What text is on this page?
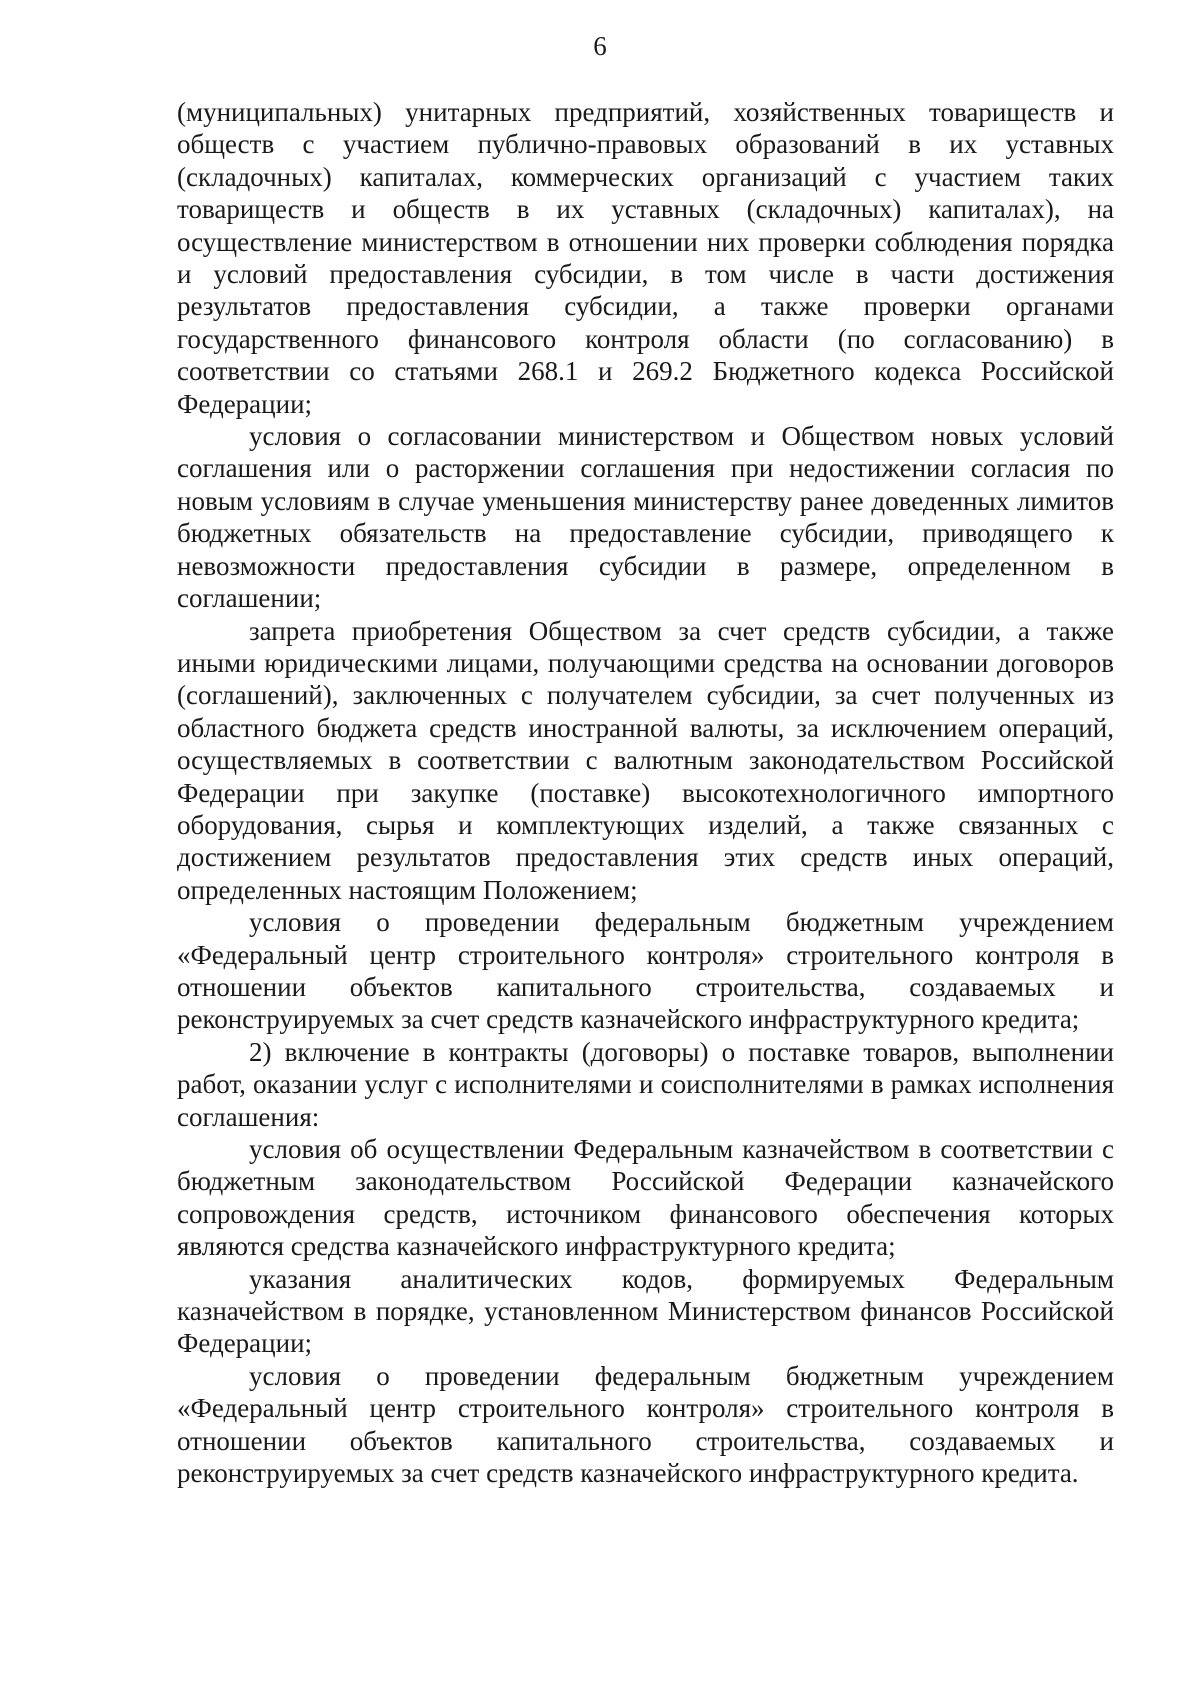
6

(муниципальных) унитарных предприятий, хозяйственных товариществ и обществ с участием публично-правовых образований в их уставных (складочных) капиталах, коммерческих организаций с участием таких товариществ и обществ в их уставных (складочных) капиталах), на осуществление министерством в отношении них проверки соблюдения порядка и условий предоставления субсидии, в том числе в части достижения результатов предоставления субсидии, а также проверки органами государственного финансового контроля области (по согласованию) в соответствии со статьями 268.1 и 269.2 Бюджетного кодекса Российской Федерации;

условия о согласовании министерством и Обществом новых условий соглашения или о расторжении соглашения при недостижении согласия по новым условиям в случае уменьшения министерству ранее доведенных лимитов бюджетных обязательств на предоставление субсидии, приводящего к невозможности предоставления субсидии в размере, определенном в соглашении;

запрета приобретения Обществом за счет средств субсидии, а также иными юридическими лицами, получающими средства на основании договоров (соглашений), заключенных с получателем субсидии, за счет полученных из областного бюджета средств иностранной валюты, за исключением операций, осуществляемых в соответствии с валютным законодательством Российской Федерации при закупке (поставке) высокотехнологичного импортного оборудования, сырья и комплектующих изделий, а также связанных с достижением результатов предоставления этих средств иных операций, определенных настоящим Положением;

условия о проведении федеральным бюджетным учреждением «Федеральный центр строительного контроля» строительного контроля в отношении объектов капитального строительства, создаваемых и реконструируемых за счет средств казначейского инфраструктурного кредита;

2) включение в контракты (договоры) о поставке товаров, выполнении работ, оказании услуг с исполнителями и соисполнителями в рамках исполнения соглашения:

условия об осуществлении Федеральным казначейством в соответствии с бюджетным законодательством Российской Федерации казначейского сопровождения средств, источником финансового обеспечения которых являются средства казначейского инфраструктурного кредита;

указания аналитических кодов, формируемых Федеральным казначейством в порядке, установленном Министерством финансов Российской Федерации;

условия о проведении федеральным бюджетным учреждением «Федеральный центр строительного контроля» строительного контроля в отношении объектов капитального строительства, создаваемых и реконструируемых за счет средств казначейского инфраструктурного кредита.
